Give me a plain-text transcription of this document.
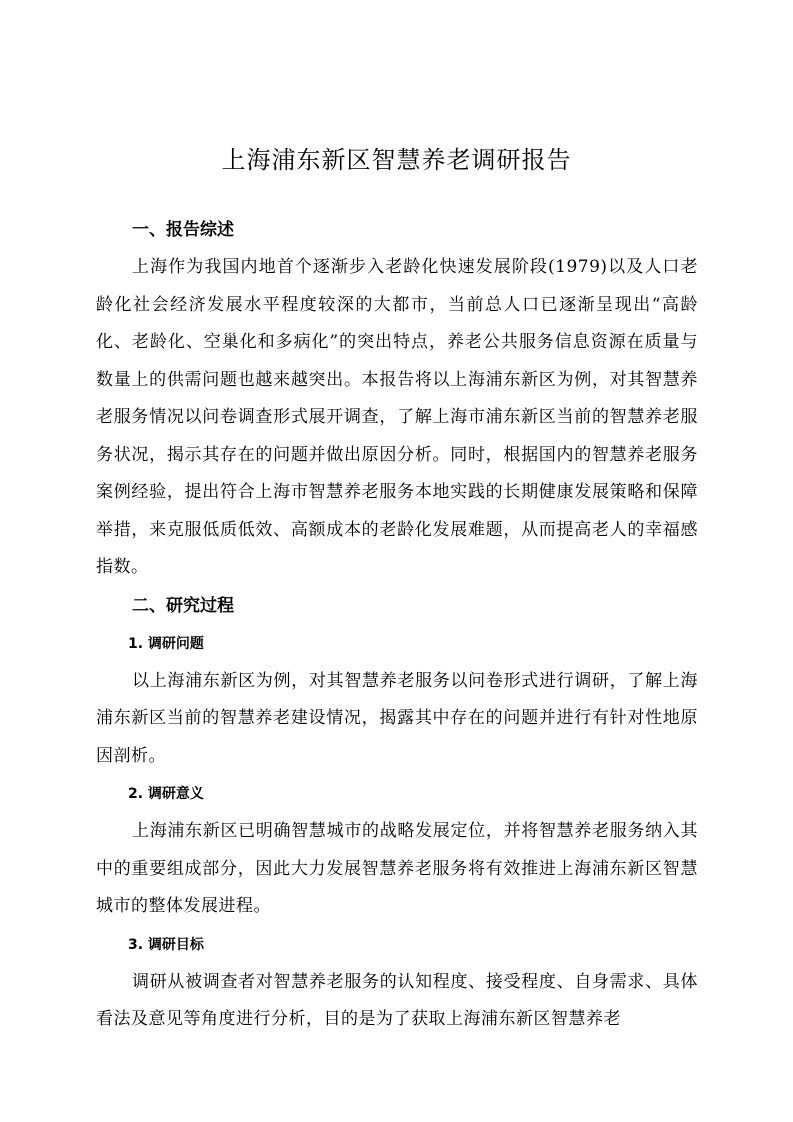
上海浦东新区智慧养老调研报告
一、报告综述

上海作为我国内地首个逐渐步入老龄化快速发展阶段(1979)以及人口老龄化社会经济发展水平程度较深的大都市，当前总人口已逐渐呈现出“高龄化、老龄化、空巢化和多病化”的突出特点，养老公共服务信息资源在质量与数量上的供需问题也越来越突出。本报告将以上海浦东新区为例，对其智慧养老服务情况以问卷调查形式展开调查，了解上海市浦东新区当前的智慧养老服务状况，揭示其存在的问题并做出原因分析。同时，根据国内的智慧养老服务案例经验，提出符合上海市智慧养老服务本地实践的长期健康发展策略和保障举措，来克服低质低效、高额成本的老龄化发展难题，从而提高老人的幸福感指数。

二、研究过程
1. 调研问题

以上海浦东新区为例，对其智慧养老服务以问卷形式进行调研，了解上海浦东新区当前的智慧养老建设情况，揭露其中存在的问题并进行有针对性地原因剖析。

2. 调研意义

上海浦东新区已明确智慧城市的战略发展定位，并将智慧养老服务纳入其中的重要组成部分，因此大力发展智慧养老服务将有效推进上海浦东新区智慧城市的整体发展进程。

3. 调研目标

调研从被调查者对智慧养老服务的认知程度、接受程度、自身需求、具体看法及意见等角度进行分析，目的是为了获取上海浦东新区智慧养老
